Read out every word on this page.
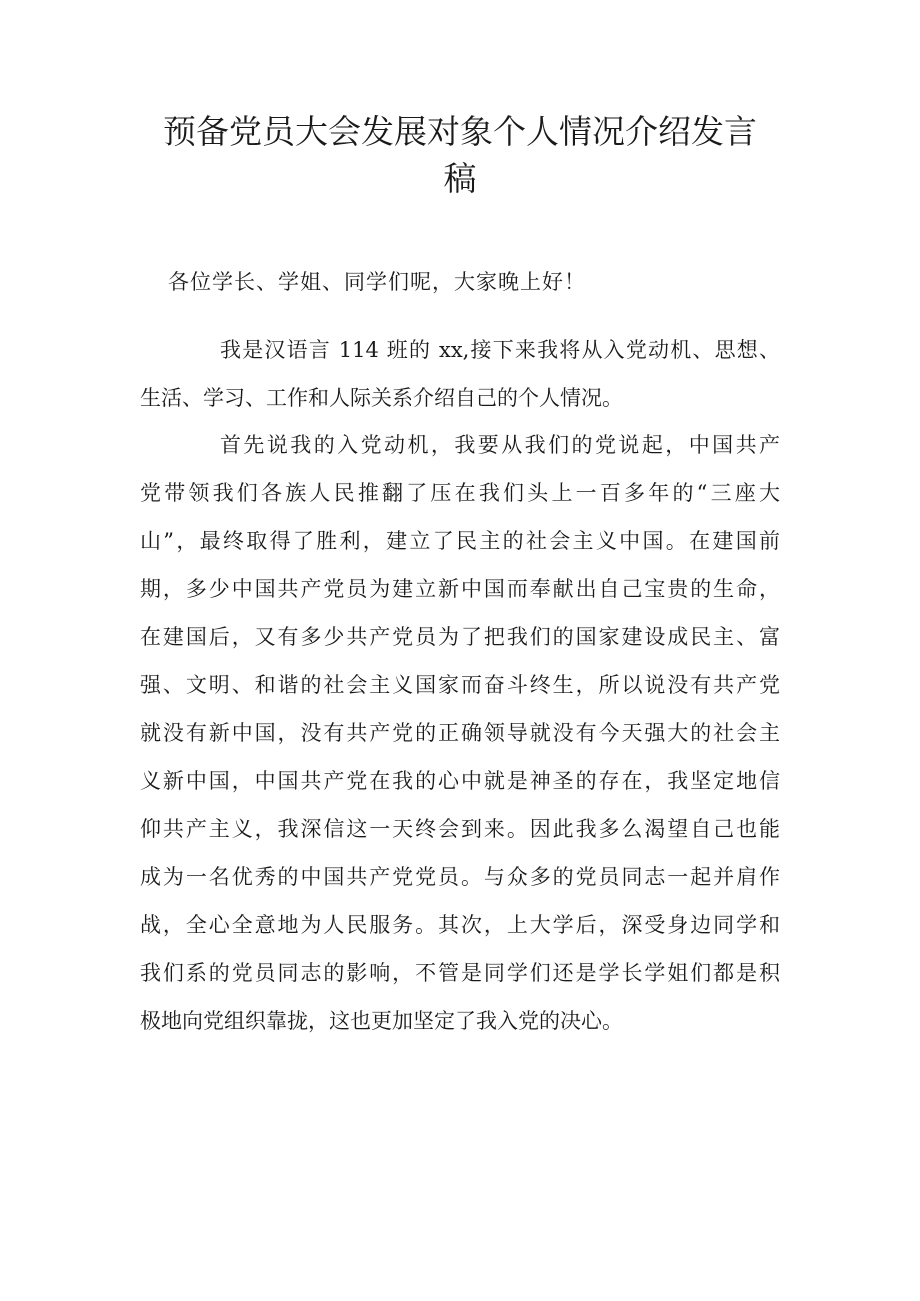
预备党员大会发展对象个人情况介绍发言
稿

各位学长、学姐、同学们呢，大家晚上好！

我是汉语言 114 班的 xx,接下来我将从入党动机、思想、
生活、学习、工作和人际关系介绍自己的个人情况。

首先说我的入党动机，我要从我们的党说起，中国共产
党带领我们各族人民推翻了压在我们头上一百多年的“三座大
山”，最终取得了胜利，建立了民主的社会主义中国。在建国前
期，多少中国共产党员为建立新中国而奉献出自己宝贵的生命，
在建国后，又有多少共产党员为了把我们的国家建设成民主、富
强、文明、和谐的社会主义国家而奋斗终生，所以说没有共产党
就没有新中国，没有共产党的正确领导就没有今天强大的社会主
义新中国，中国共产党在我的心中就是神圣的存在，我坚定地信
仰共产主义，我深信这一天终会到来。因此我多么渴望自己也能
成为一名优秀的中国共产党党员。与众多的党员同志一起并肩作
战，全心全意地为人民服务。其次，上大学后，深受身边同学和
我们系的党员同志的影响，不管是同学们还是学长学姐们都是积
极地向党组织靠拢，这也更加坚定了我入党的决心。
